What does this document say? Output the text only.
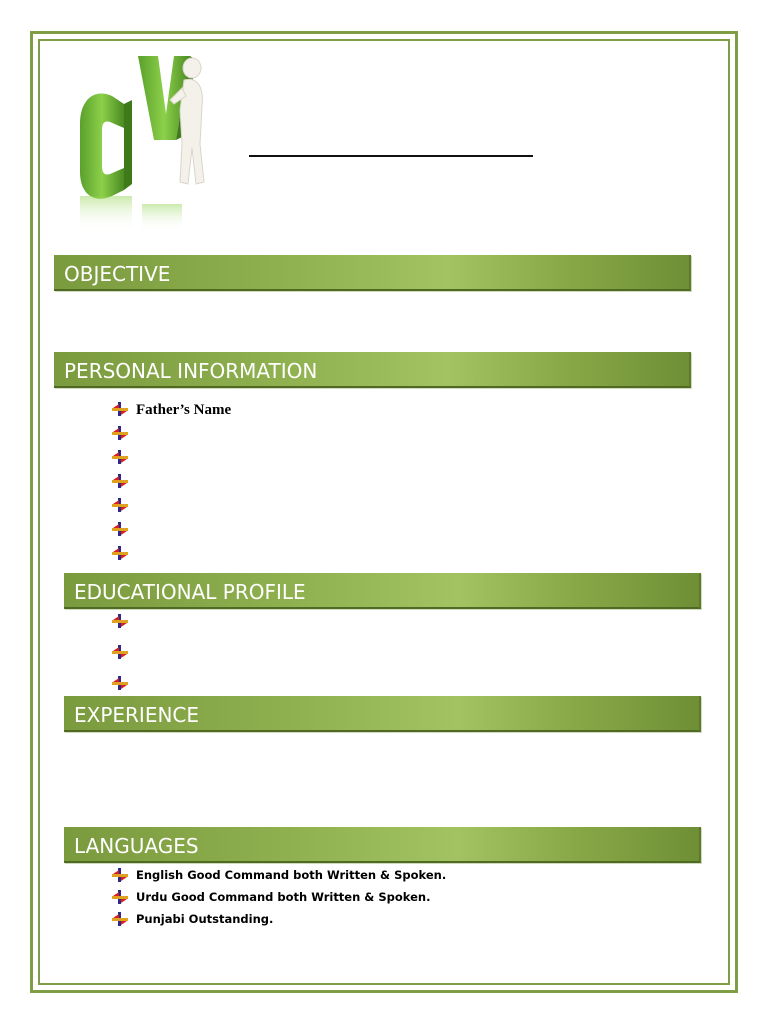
OBJECTIVE
PERSONAL INFORMATION
Father’s Name
EDUCATIONAL PROFILE
EXPERIENCE
LANGUAGES
English Good Command both Written & Spoken.
Urdu Good Command both Written & Spoken.
Punjabi Outstanding.
